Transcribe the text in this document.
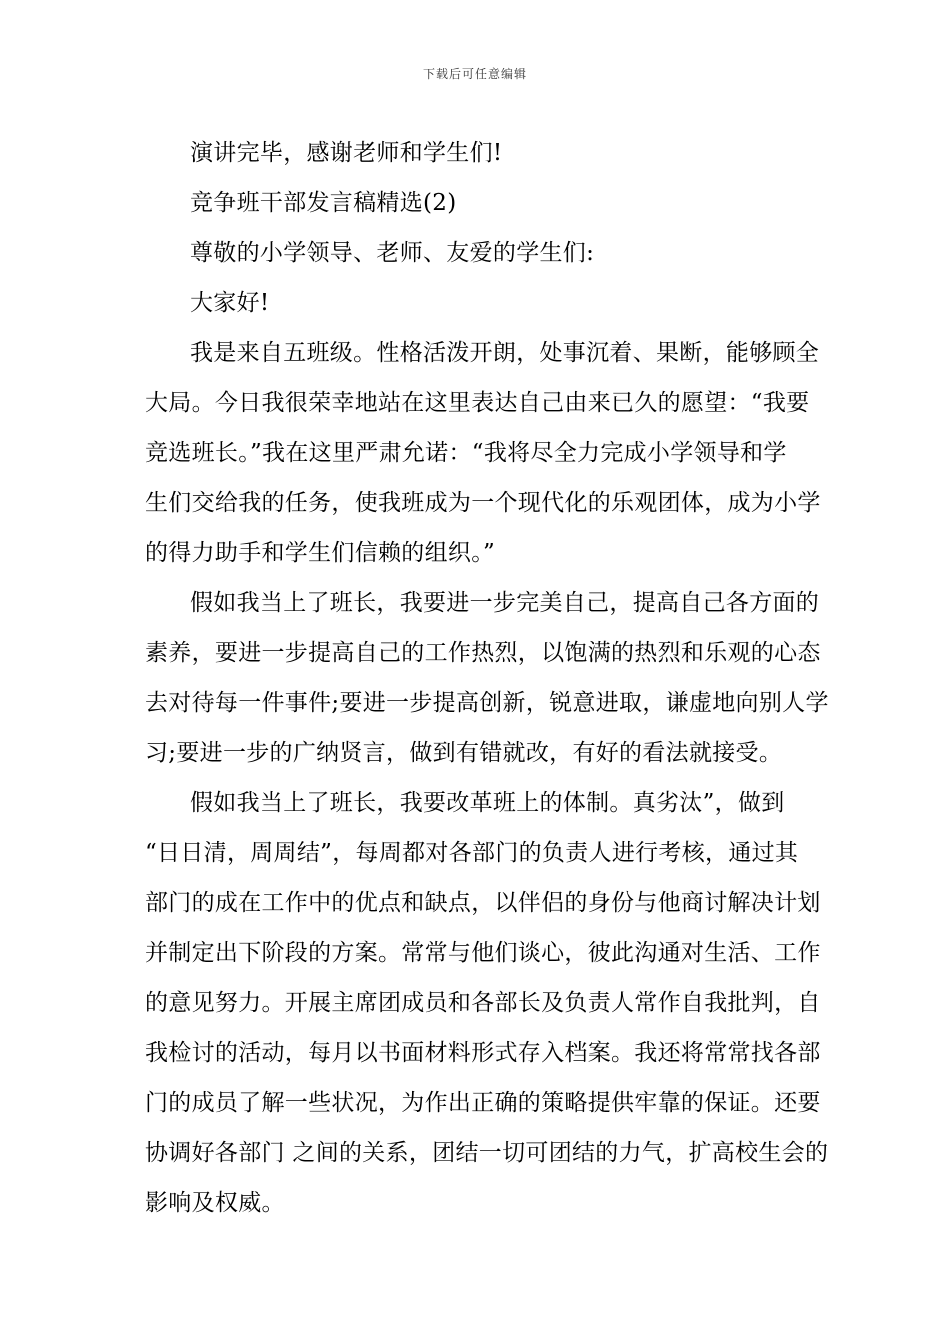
下载后可任意编辑
演讲完毕，感谢老师和学生们!
竞争班干部发言稿精选(2)
尊敬的小学领导、老师、友爱的学生们:
大家好!
我是来自五班级。性格活泼开朗，处事沉着、果断，能够顾全
大局。今日我很荣幸地站在这里表达自己由来已久的愿望：“我要
竞选班长。”我在这里严肃允诺：“我将尽全力完成小学领导和学
生们交给我的任务，使我班成为一个现代化的乐观团体，成为小学
的得力助手和学生们信赖的组织。”
假如我当上了班长，我要进一步完美自己，提高自己各方面的
素养，要进一步提高自己的工作热烈，以饱满的热烈和乐观的心态
去对待每一件事件;要进一步提高创新，锐意进取，谦虚地向别人学
习;要进一步的广纳贤言，做到有错就改，有好的看法就接受。
假如我当上了班长，我要改革班上的体制。真劣汰”，做到
“日日清，周周结”，每周都对各部门的负责人进行考核，通过其
部门的成在工作中的优点和缺点，以伴侣的身份与他商讨解决计划
并制定出下阶段的方案。常常与他们谈心，彼此沟通对生活、工作
的意见努力。开展主席团成员和各部长及负责人常作自我批判，自
我检讨的活动，每月以书面材料形式存入档案。我还将常常找各部
门的成员了解一些状况，为作出正确的策略提供牢靠的保证。还要
协调好各部门 之间的关系，团结一切可团结的力气，扩高校生会的
影响及权威。
